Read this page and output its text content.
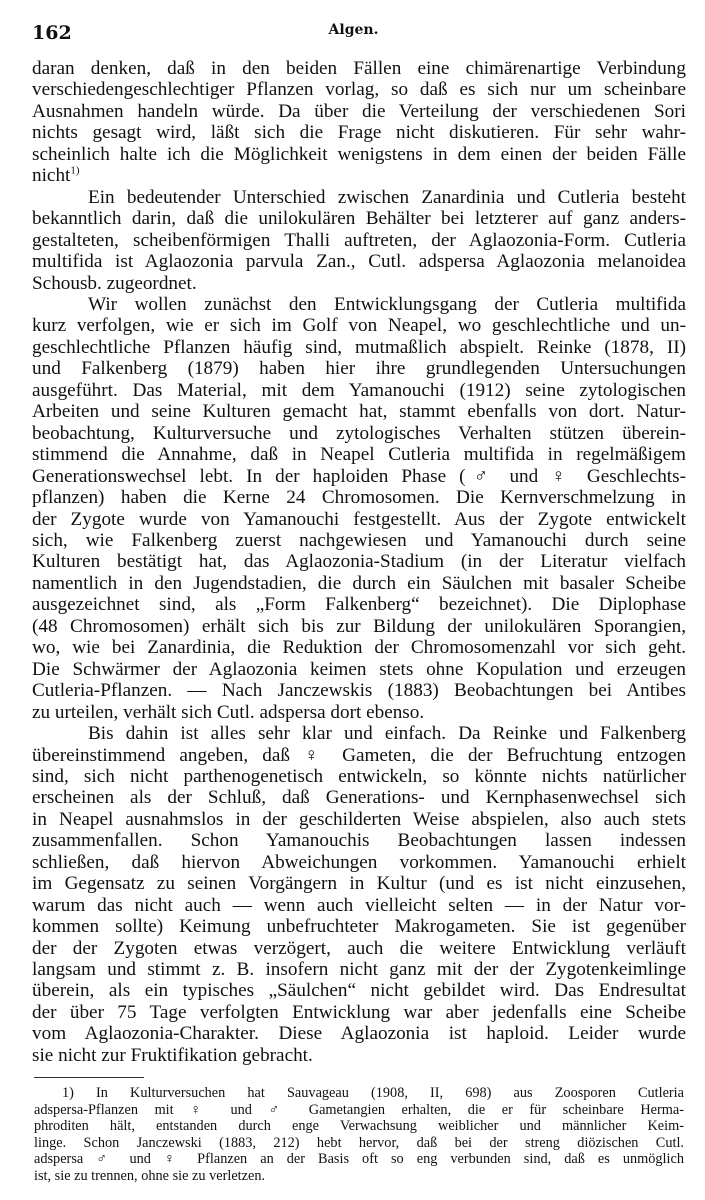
162	Algen.
daran denken, daß in den beiden Fällen eine chimärenartige Verbindung
verschiedengeschlechtiger Pflanzen vorlag, so daß es sich nur um scheinbare
Ausnahmen handeln würde. Da über die Verteilung der verschiedenen Sori
nichts gesagt wird, läßt sich die Frage nicht diskutieren. Für sehr wahr-
scheinlich halte ich die Möglichkeit wenigstens in dem einen der beiden Fälle
nicht$^{1)}$
Ein bedeutender Unterschied zwischen Zanardinia und Cutleria besteht
bekanntlich darin, daß die unilokulären Behälter bei letzterer auf ganz anders-
gestalteten, scheibenförmigen Thalli auftreten, der Aglaozonia-Form. Cutleria
multifida ist Aglaozonia parvula Zan., Cutl. adspersa Aglaozonia melanoidea
Schousb. zugeordnet.
Wir wollen zunächst den Entwicklungsgang der Cutleria multifida
kurz verfolgen, wie er sich im Golf von Neapel, wo geschlechtliche und un-
geschlechtliche Pflanzen häufig sind, mutmaßlich abspielt. Reinke (1878, II)
und Falkenberg (1879) haben hier ihre grundlegenden Untersuchungen
ausgeführt. Das Material, mit dem Yamanouchi (1912) seine zytologischen
Arbeiten und seine Kulturen gemacht hat, stammt ebenfalls von dort. Natur-
beobachtung, Kulturversuche und zytologisches Verhalten stützen überein-
stimmend die Annahme, daß in Neapel Cutleria multifida in regelmäßigem
Generationswechsel lebt. In der haploiden Phase (♂ und ♀ Geschlechts-
pflanzen) haben die Kerne 24 Chromosomen. Die Kernverschmelzung in
der Zygote wurde von Yamanouchi festgestellt. Aus der Zygote entwickelt
sich, wie Falkenberg zuerst nachgewiesen und Yamanouchi durch seine
Kulturen bestätigt hat, das Aglaozonia-Stadium (in der Literatur vielfach
namentlich in den Jugendstadien, die durch ein Säulchen mit basaler Scheibe
ausgezeichnet sind, als „Form Falkenberg“ bezeichnet). Die Diplophase
(48 Chromosomen) erhält sich bis zur Bildung der unilokulären Sporangien,
wo, wie bei Zanardinia, die Reduktion der Chromosomenzahl vor sich geht.
Die Schwärmer der Aglaozonia keimen stets ohne Kopulation und erzeugen
Cutleria-Pflanzen. — Nach Janczewskis (1883) Beobachtungen bei Antibes
zu urteilen, verhält sich Cutl. adspersa dort ebenso.
Bis dahin ist alles sehr klar und einfach. Da Reinke und Falkenberg
übereinstimmend angeben, daß ♀ Gameten, die der Befruchtung entzogen
sind, sich nicht parthenogenetisch entwickeln, so könnte nichts natürlicher
erscheinen als der Schluß, daß Generations- und Kernphasenwechsel sich
in Neapel ausnahmslos in der geschilderten Weise abspielen, also auch stets
zusammenfallen. Schon Yamanouchis Beobachtungen lassen indessen
schließen, daß hiervon Abweichungen vorkommen. Yamanouchi erhielt
im Gegensatz zu seinen Vorgängern in Kultur (und es ist nicht einzusehen,
warum das nicht auch — wenn auch vielleicht selten — in der Natur vor-
kommen sollte) Keimung unbefruchteter Makrogameten. Sie ist gegenüber
der der Zygoten etwas verzögert, auch die weitere Entwicklung verläuft
langsam und stimmt z. B. insofern nicht ganz mit der der Zygotenkeimlinge
überein, als ein typisches „Säulchen“ nicht gebildet wird. Das Endresultat
der über 75 Tage verfolgten Entwicklung war aber jedenfalls eine Scheibe
vom Aglaozonia-Charakter. Diese Aglaozonia ist haploid. Leider wurde
sie nicht zur Fruktifikation gebracht.
1) In Kulturversuchen hat Sauvageau (1908, II, 698) aus Zoosporen Cutleria
adspersa-Pflanzen mit ♀ und ♂ Gametangien erhalten, die er für scheinbare Herma-
phroditen hält, entstanden durch enge Verwachsung weiblicher und männlicher Keim-
linge. Schon Janczewski (1883, 212) hebt hervor, daß bei der streng diözischen Cutl.
adspersa ♂ und ♀ Pflanzen an der Basis oft so eng verbunden sind, daß es unmöglich
ist, sie zu trennen, ohne sie zu verletzen.
